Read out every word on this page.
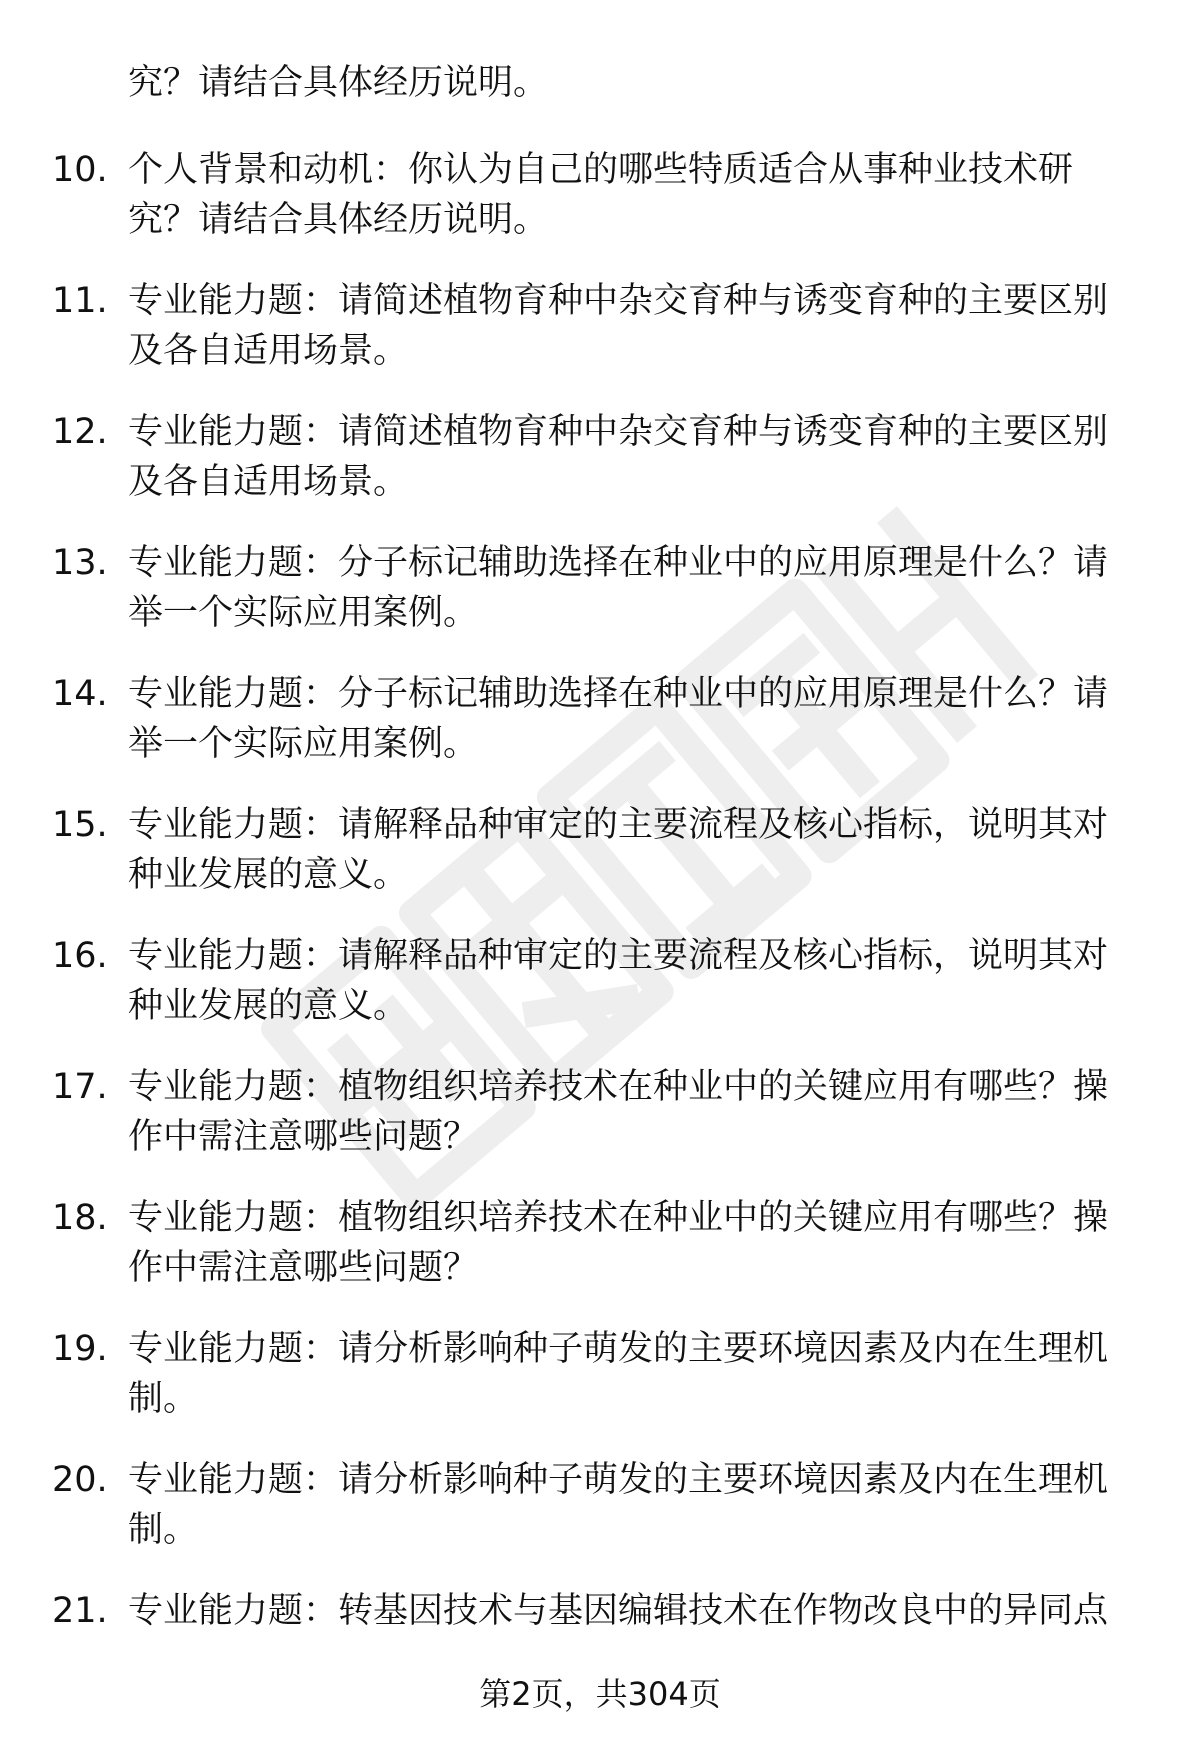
究？请结合具体经历说明。
10. 个人背景和动机：你认为自己的哪些特质适合从事种业技术研究？请结合具体经历说明。
11. 专业能力题：请简述植物育种中杂交育种与诱变育种的主要区别及各自适用场景。
12. 专业能力题：请简述植物育种中杂交育种与诱变育种的主要区别及各自适用场景。
13. 专业能力题：分子标记辅助选择在种业中的应用原理是什么？请举一个实际应用案例。
14. 专业能力题：分子标记辅助选择在种业中的应用原理是什么？请举一个实际应用案例。
15. 专业能力题：请解释品种审定的主要流程及核心指标，说明其对种业发展的意义。
16. 专业能力题：请解释品种审定的主要流程及核心指标，说明其对种业发展的意义。
17. 专业能力题：植物组织培养技术在种业中的关键应用有哪些？操作中需注意哪些问题？
18. 专业能力题：植物组织培养技术在种业中的关键应用有哪些？操作中需注意哪些问题？
19. 专业能力题：请分析影响种子萌发的主要环境因素及内在生理机制。
20. 专业能力题：请分析影响种子萌发的主要环境因素及内在生理机制。
21. 专业能力题：转基因技术与基因编辑技术在作物改良中的异同点
第2页，共304页
